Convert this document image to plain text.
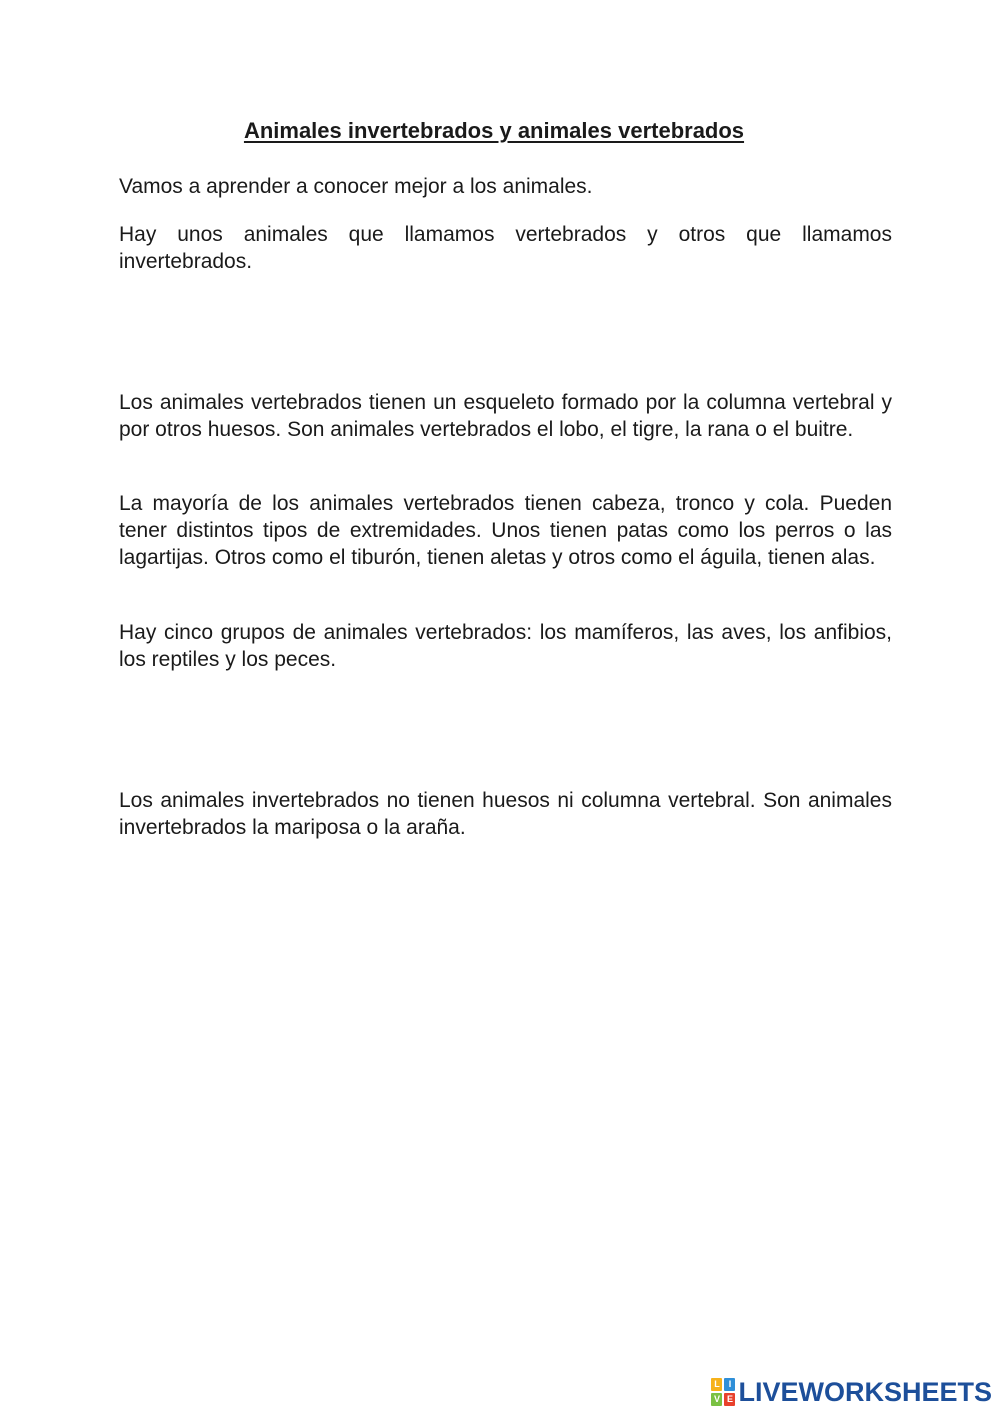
Animales invertebrados y animales vertebrados

Vamos a aprender a conocer mejor a los animales.

Hay unos animales que llamamos vertebrados y otros que llamamos invertebrados.

Los animales vertebrados tienen un esqueleto formado por la columna vertebral y por otros huesos. Son animales vertebrados el lobo, el tigre, la rana o el buitre.

La mayoría de los animales vertebrados tienen cabeza, tronco y cola. Pueden tener distintos tipos de extremidades. Unos tienen patas como los perros o las lagartijas. Otros como el tiburón, tienen aletas y otros como el águila, tienen alas.

Hay cinco grupos de animales vertebrados: los mamíferos, las aves, los anfibios, los reptiles y los peces.

Los animales invertebrados no tienen huesos ni columna vertebral. Son animales invertebrados la mariposa o la araña.

L I
V E LIVEWORKSHEETS
